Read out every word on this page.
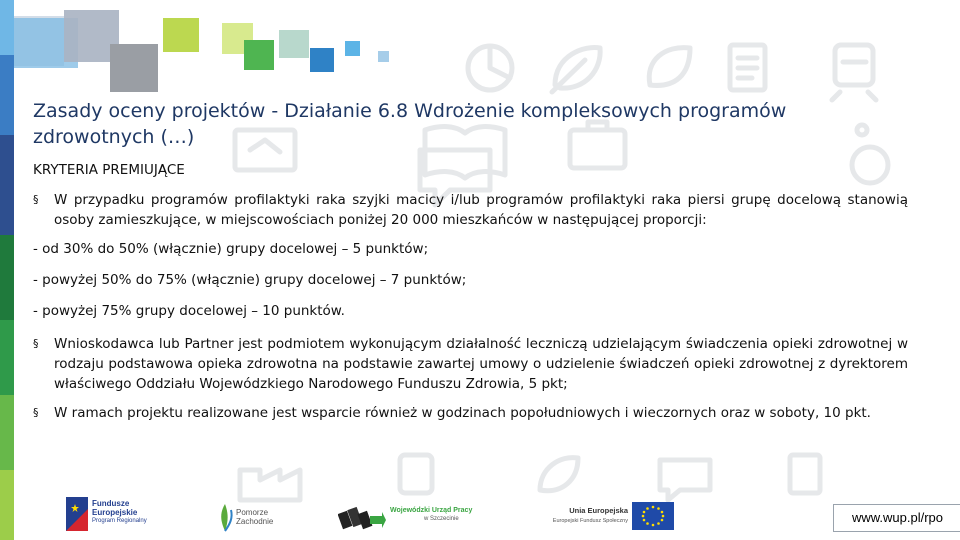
Zasady oceny projektów - Działanie 6.8 Wdrożenie kompleksowych programów zdrowotnych (…)
KRYTERIA PREMIUJĄCE
§ W przypadku programów profilaktyki raka szyjki macicy i/lub programów profilaktyki raka piersi grupę docelową stanowią osoby zamieszkujące, w miejscowościach poniżej 20 000 mieszkańców w następującej proporcji:
- od 30% do 50% (włącznie) grupy docelowej – 5 punktów;
- powyżej 50% do 75% (włącznie) grupy docelowej – 7 punktów;
- powyżej 75% grupy docelowej – 10 punktów.
§ Wnioskodawca lub Partner jest podmiotem wykonującym działalność leczniczą udzielającym świadczenia opieki zdrowotnej w rodzaju podstawowa opieka zdrowotna na podstawie zawartej umowy o udzielenie świadczeń opieki zdrowotnej z dyrektorem właściwego Oddziału Wojewódzkiego Narodowego Funduszu Zdrowia, 5 pkt;
§ W ramach projektu realizowane jest wsparcie również w godzinach popołudniowych i wieczornych oraz w soboty, 10 pkt.
Fundusze
Europejskie
Program Regionalny
Pomorze
Zachodnie
Wojewódzki Urząd Pracy
w Szczecinie
Unia Europejska
Europejski Fundusz Społeczny	www.wup.pl/rpo
